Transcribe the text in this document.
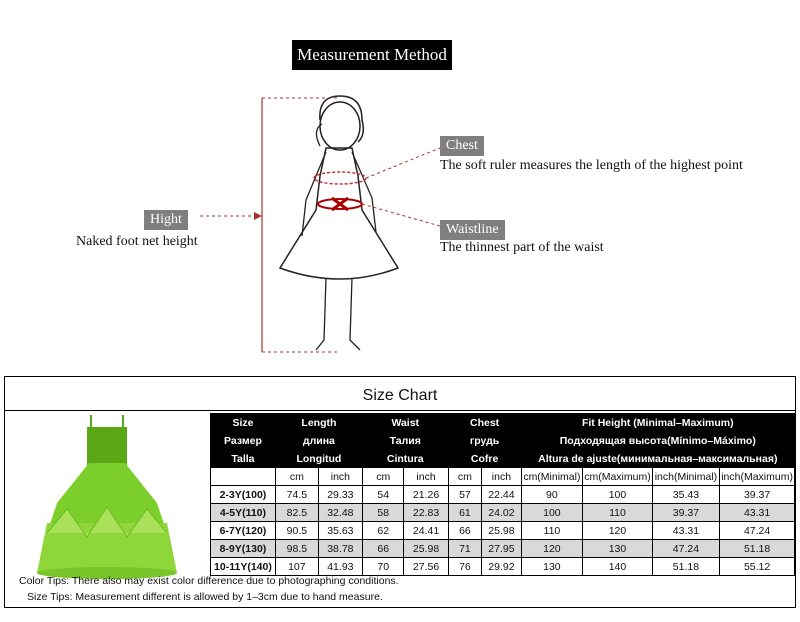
Measurement Method
Chest
The soft ruler measures the length of the highest point
Waistline
The thinnest part of the waist
Hight
Naked foot net height
Size Chart
Size	Length		Waist		Chest		Fit Height (Minimal–Maximum)			
Размер	длина		Талия		грудь		Подходящая высота(Mínimo–Máximo)			
Talla	Longitud		Cintura		Cofre		Altura de ajuste(минимальная–максимальная)			
	cm	inch	cm	inch	cm	inch	cm(Minimal)	cm(Maximum)	inch(Minimal)	inch(Maximum)
2-3Y(100)	74.5	29.33	54	21.26	57	22.44	90	100	35.43	39.37
4-5Y(110)	82.5	32.48	58	22.83	61	24.02	100	110	39.37	43.31
6-7Y(120)	90.5	35.63	62	24.41	66	25.98	110	120	43.31	47.24
8-9Y(130)	98.5	38.78	66	25.98	71	27.95	120	130	47.24	51.18
10-11Y(140)	107	41.93	70	27.56	76	29.92	130	140	51.18	55.12
Color Tips: There also may exist color difference due to photographing conditions.
Size Tips: Measurement different is allowed by 1–3cm due to hand measure.
